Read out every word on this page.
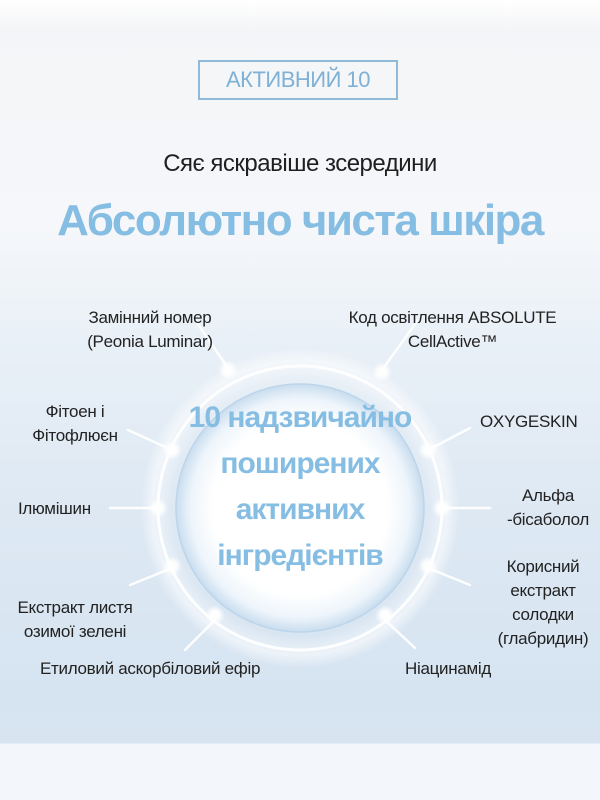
АКТИВНИЙ 10
Сяє яскравіше зсередини
Абсолютно чиста шкіра
10 надзвичайно
поширених
активних
інгредієнтів
Замінний номер
(Peonia Luminar)
Код освітлення ABSOLUTE
CellActive™
Фітоен і
Фітофлюєн
OXYGESKIN
Ілюмішин
Альфа
-бісаболол
Екстракт листя
озимої зелені
Корисний
екстракт
солодки
(глабридин)
Етиловий аскорбіловий ефір	Ніацинамід
